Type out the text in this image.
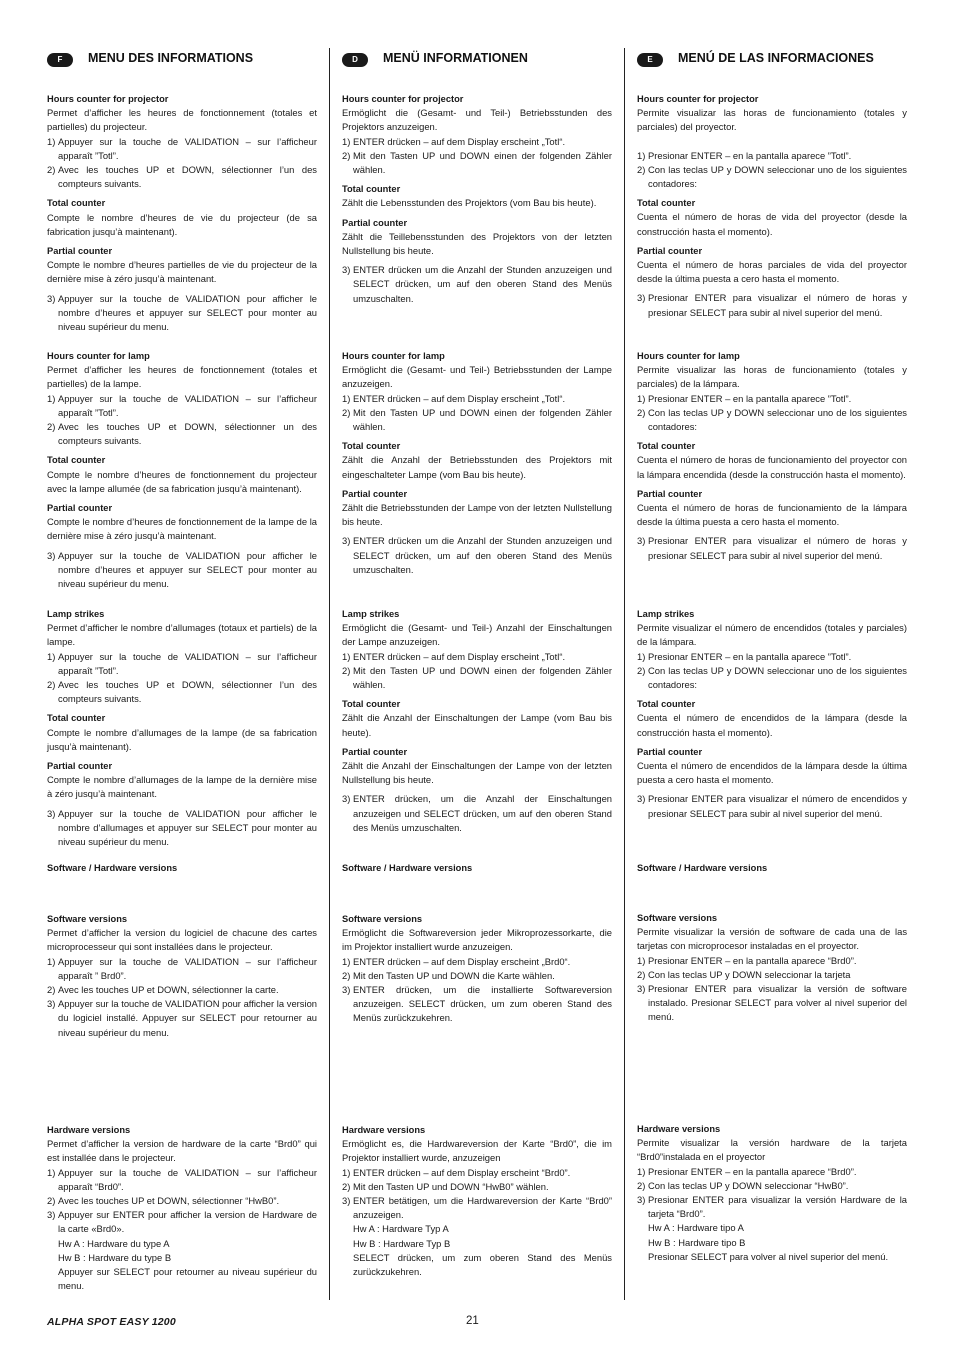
F	MENU DES INFORMATIONS

Hours counter for projector

Permet d’afficher les heures de fonctionnement (totales et partielles) du projecteur.

1) Appuyer sur la touche de VALIDATION – sur l’afficheur apparaît ”Totl”.
2) Avec les touches UP et DOWN, sélectionner l’un des compteurs suivants.

Total counter

Compte le nombre d’heures de vie du projecteur (de sa fabrication jusqu’à maintenant).

Partial counter

Compte le nombre d’heures partielles de vie du projecteur de la dernière mise à zéro jusqu’à maintenant.

3) Appuyer sur la touche de VALIDATION pour afficher le nombre d’heures et appuyer sur SELECT pour monter au niveau supérieur du menu.

Hours counter for lamp

Permet d’afficher les heures de fonctionnement (totales et partielles) de la lampe.

1) Appuyer sur la touche de VALIDATION – sur l’afficheur apparaît ”Totl”.
2) Avec les touches UP et DOWN, sélectionner un des compteurs suivants.

Total counter

Compte le nombre d’heures de fonctionnement du projecteur avec la lampe allumée (de sa fabrication jusqu’à maintenant).

Partial counter

Compte le nombre d’heures de fonctionnement de la lampe de la dernière mise à zéro jusqu’à maintenant.

3) Appuyer sur la touche de VALIDATION pour afficher le nombre d’heures et appuyer sur SELECT pour monter au niveau supérieur du menu.

Lamp strikes

Permet d’afficher le nombre d’allumages (totaux et partiels) de la lampe.

1) Appuyer sur la touche de VALIDATION – sur l’afficheur apparaît ”Totl”.
2) Avec les touches UP et DOWN, sélectionner l’un des compteurs suivants.

Total counter

Compte le nombre d’allumages de la lampe (de sa fabrication jusqu’à maintenant).

Partial counter

Compte le nombre d’allumages de la lampe de la dernière mise à zéro jusqu’à maintenant.

3) Appuyer sur la touche de VALIDATION pour afficher le nombre d’allumages et appuyer sur SELECT pour monter au niveau supérieur du menu.

Software / Hardware versions

Software versions

Permet d’afficher la version du logiciel de chacune des cartes microprocesseur qui sont installées dans le projecteur.

1) Appuyer sur la touche de VALIDATION – sur l’afficheur apparaît ” Brd0”.
2) Avec les touches UP et DOWN, sélectionner la carte.
3) Appuyer sur la touche de VALIDATION pour afficher la version du logiciel installé. Appuyer sur SELECT pour retourner au niveau supérieur du menu.

Hardware versions

Permet d’afficher la version de hardware de la carte “Brd0” qui est installée dans le projecteur.

1) Appuyer sur la touche de VALIDATION – sur l’afficheur apparaît “Brd0”.
2) Avec les touches UP et DOWN, sélectionner “HwB0”.
3) Appuyer sur ENTER pour afficher la version de Hardware de la carte «Brd0».

Hw A : Hardware du type A

Hw B : Hardware du type B

Appuyer sur SELECT pour retourner au niveau supérieur du menu.

D	MENÜ INFORMATIONEN

Hours counter for projector

Ermöglicht die (Gesamt- und Teil-) Betriebsstunden des Projektors anzuzeigen.

1) ENTER drücken – auf dem Display erscheint „Totl“.
2) Mit den Tasten UP und DOWN einen der folgenden Zähler wählen.

Total counter

Zählt die Lebensstunden des Projektors (vom Bau bis heute).

Partial counter

Zählt die Teillebensstunden des Projektors von der letzten Nullstellung bis heute.

3) ENTER drücken um die Anzahl der Stunden anzuzeigen und SELECT drücken, um auf den oberen Stand des Menüs umzuschalten.

Hours counter for lamp

Ermöglicht die (Gesamt- und Teil-) Betriebsstunden der Lampe anzuzeigen.

1) ENTER drücken – auf dem Display erscheint „Totl“.
2) Mit den Tasten UP und DOWN einen der folgenden Zähler wählen.

Total counter

Zählt die Anzahl der Betriebsstunden des Projektors mit eingeschalteter Lampe (vom Bau bis heute).

Partial counter

Zählt die Betriebsstunden der Lampe von der letzten Nullstellung bis heute.

3) ENTER drücken um die Anzahl der Stunden anzuzeigen und SELECT drücken, um auf den oberen Stand des Menüs umzuschalten.

Lamp strikes

Ermöglicht die (Gesamt- und Teil-) Anzahl der Einschaltungen der Lampe anzuzeigen.

1) ENTER drücken – auf dem Display erscheint „Totl“.
2) Mit den Tasten UP und DOWN einen der folgenden Zähler wählen.

Total counter

Zählt die Anzahl der Einschaltungen der Lampe (vom Bau bis heute).

Partial counter

Zählt die Anzahl der Einschaltungen der Lampe von der letzten Nullstellung bis heute.

3) ENTER drücken, um die Anzahl der Einschaltungen anzuzeigen und SELECT drücken, um auf den oberen Stand des Menüs umzuschalten.

Software / Hardware versions

Software versions

Ermöglicht die Softwareversion jeder Mikroprozessorkarte, die im Projektor installiert wurde anzuzeigen.

1) ENTER drücken – auf dem Display erscheint „Brd0“.
2) Mit den Tasten UP und DOWN die Karte wählen.
3) ENTER drücken, um die installierte Softwareversion anzuzeigen. SELECT drücken, um zum oberen Stand des Menüs zurückzukehren.

Hardware versions

Ermöglicht es, die Hardwareversion der Karte “Brd0”, die im Projektor installiert wurde, anzuzeigen

1) ENTER drücken – auf dem Display erscheint “Brd0”.
2) Mit den Tasten UP und DOWN “HwB0” wählen.
3) ENTER betätigen, um die Hardwareversion der Karte “Brd0” anzuzeigen.

Hw A : Hardware Typ A

Hw B : Hardware Typ B

SELECT drücken, um zum oberen Stand des Menüs zurückzukehren.

E	MENÚ DE LAS INFORMACIONES

Hours counter for projector

Permite visualizar las horas de funcionamiento (totales y parciales) del proyector.

1) Presionar ENTER – en la pantalla aparece ”Totl”.
2) Con las teclas UP y DOWN seleccionar uno de los siguientes contadores:

Total counter

Cuenta el número de horas de vida del proyector (desde la construcción hasta el momento).

Partial counter

Cuenta el número de horas parciales de vida del proyector desde la última puesta a cero hasta el momento.

3) Presionar ENTER para visualizar el número de horas y presionar SELECT para subir al nivel superior del menú.

Hours counter for lamp

Permite visualizar las horas de funcionamiento (totales y parciales) de la lámpara.

1) Presionar ENTER – en la pantalla aparece ”Totl”.
2) Con las teclas UP y DOWN seleccionar uno de los siguientes contadores:

Total counter

Cuenta el número de horas de funcionamiento del proyector con la lámpara encendida (desde la construcción hasta el momento).

Partial counter

Cuenta el número de horas de funcionamiento de la lámpara desde la última puesta a cero hasta el momento.

3) Presionar ENTER para visualizar el número de horas y presionar SELECT para subir al nivel superior del menú.

Lamp strikes

Permite visualizar el número de encendidos (totales y parciales) de la lámpara.

1) Presionar ENTER – en la pantalla aparece ”Totl”.
2) Con las teclas UP y DOWN seleccionar uno de los siguientes contadores:

Total counter

Cuenta el número de encendidos de la lámpara (desde la construcción hasta el momento).

Partial counter

Cuenta el número de encendidos de la lámpara desde la última puesta a cero hasta el momento.

3) Presionar ENTER para visualizar el número de encendidos y presionar SELECT para subir al nivel superior del menú.

Software / Hardware versions

Software versions

Permite visualizar la versión de software de cada una de las tarjetas con microprocesor instaladas en el proyector.

1) Presionar ENTER – en la pantalla aparece “Brd0”.
2) Con las teclas UP y DOWN seleccionar la tarjeta
3) Presionar ENTER para visualizar la versión de software instalado. Presionar SELECT para volver al nivel superior del menú.

Hardware versions

Permite visualizar la versión hardware de la tarjeta “Brd0”instalada en el proyector

1) Presionar ENTER – en la pantalla aparece “Brd0”.
2) Con las teclas UP y DOWN seleccionar “HwB0”.
3) Presionar ENTER para visualizar la versión Hardware de la tarjeta “Brd0”.

Hw A : Hardware tipo A

Hw B : Hardware tipo B

Presionar SELECT para volver al nivel superior del menú.

ALPHA SPOT EASY 1200	21
